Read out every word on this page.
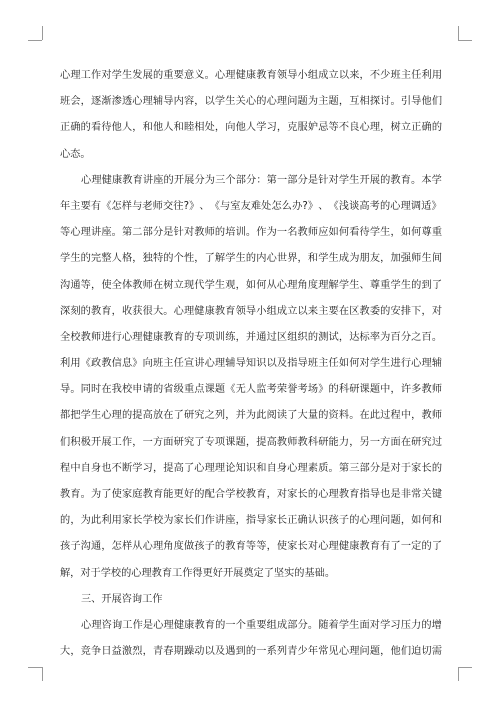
心 理 工 作 对 学 生 发 展 的 重 要 意 义 。 心 理 健 康 教 育 领 导 小 组 成 立 以 来 ， 不 少 班 主 任 利 用
班 会 ， 逐 渐 渗 透 心 理 辅 导 内 容 ， 以 学 生 关 心 的 心 理 问 题 为 主 题 ， 互 相 探 讨 。 引 导 他 们
正 确 的 看 待 他 人 ， 和 他 人 和 睦 相 处 ， 向 他 人 学 习 ， 克 服 妒 忌 等 不 良 心 理 ， 树 立 正 确 的
心态。
心 理 健 康 教 育 讲 座 的 开 展 分 为 三 个 部 分 ： 第 一 部 分 是 针 对 学 生 开 展 的 教 育 。 本 学
年 主 要 有 《 怎 样 与 老 师 交 往 ? 》 、 《 与 室 友 难 处 怎 么 办 ? 》 、 《 浅 谈 高 考 的 心 理 调 适 》
等 心 理 讲 座 。 第 二 部 分 是 针 对 教 师 的 培 训 。 作 为 一 名 教 师 应 如 何 看 待 学 生 ， 如 何 尊 重
学 生 的 完 整 人 格 ， 独 特 的 个 性 ， 了 解 学 生 的 内 心 世 界 ， 和 学 生 成 为 朋 友 ， 加 强 师 生 间
沟 通 等 ， 使 全 体 教 师 在 树 立 现 代 学 生 观 ， 如 何 从 心 理 角 度 理 解 学 生 、 尊 重 学 生 的 到 了
深 刻 的 教 育 ， 收 获 很 大 。 心 理 健 康 教 育 领 导 小 组 成 立 以 来 主 要 在 区 教 委 的 安 排 下 ， 对
全 校 教 师 进 行 心 理 健 康 教 育 的 专 项 训 练 ， 并 通 过 区 组 织 的 测 试 ， 达 标 率 为 百 分 之 百 。
利 用 《 政 教 信 息 》 向 班 主 任 宣 讲 心 理 辅 导 知 识 以 及 指 导 班 主 任 如 何 对 学 生 进 行 心 理 辅
导 。 同 时 在 我 校 申 请 的 省 级 重 点 课 题 《 无 人 监 考 荣 誉 考 场 》 的 科 研 课 题 中 ， 许 多 教 师
都 把 学 生 心 理 的 提 高 放 在 了 研 究 之 列 ， 并 为 此 阅 读 了 大 量 的 资 料 。 在 此 过 程 中 ， 教 师
们 积 极 开 展 工 作 ， 一 方 面 研 究 了 专 项 课 题 ， 提 高 教 师 教 科 研 能 力 ， 另 一 方 面 在 研 究 过
程 中 自 身 也 不 断 学 习 ， 提 高 了 心 理 理 论 知 识 和 自 身 心 理 素 质 。 第 三 部 分 是 对 于 家 长 的
教 育 。 为 了 使 家 庭 教 育 能 更 好 的 配 合 学 校 教 育 ， 对 家 长 的 心 理 教 育 指 导 也 是 非 常 关 键
的 ， 为 此 利 用 家 长 学 校 为 家 长 们 作 讲 座 ， 指 导 家 长 正 确 认 识 孩 子 的 心 理 问 题 ， 如 何 和
孩 子 沟 通 ， 怎 样 从 心 理 角 度 做 孩 子 的 教 育 等 等 ， 使 家 长 对 心 理 健 康 教 育 有 了 一 定 的 了
解，对于学校的心理教育工作得更好开展奠定了坚实的基础。
三、开展咨询工作
心 理 咨 询 工 作 是 心 理 健 康 教 育 的 一 个 重 要 组 成 部 分 。 随 着 学 生 面 对 学 习 压 力 的 增
大 ， 竞 争 日 益 激 烈 ， 青 春 期 躁 动 以 及 遇 到 的 一 系 列 青 少 年 常 见 心 理 问 题 ， 他 们 迫 切 需
